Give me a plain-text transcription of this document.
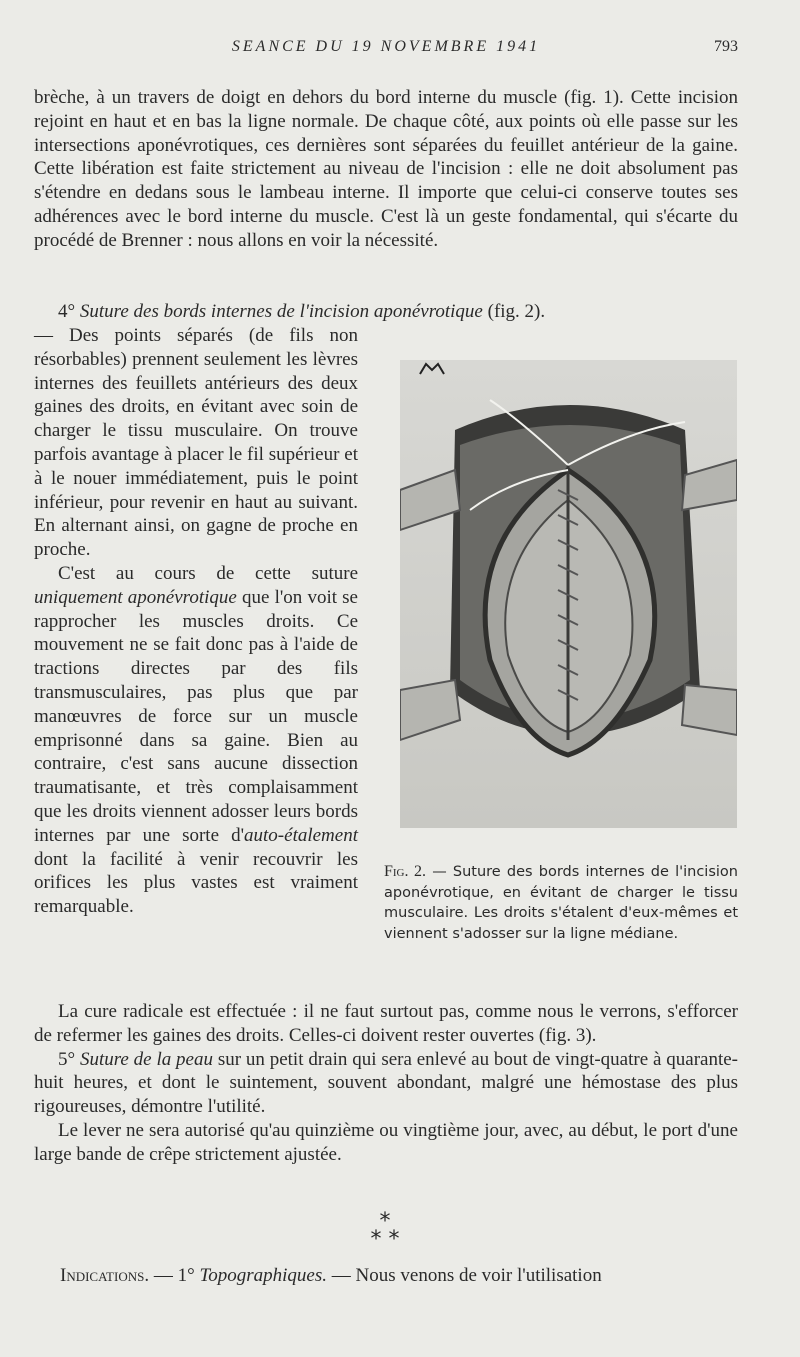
SEANCE DU 19 NOVEMBRE 1941	793

brèche, à un travers de doigt en dehors du bord interne du muscle (fig. 1). Cette incision rejoint en haut et en bas la ligne normale. De chaque côté, aux points où elle passe sur les intersections aponévrotiques, ces dernières sont séparées du feuillet antérieur de la gaine. Cette libération est faite strictement au niveau de l'incision : elle ne doit absolument pas s'étendre en dedans sous le lambeau interne. Il importe que celui-ci conserve toutes ses adhérences avec le bord interne du muscle. C'est là un geste fondamental, qui s'écarte du procédé de Brenner : nous allons en voir la nécessité.

4° Suture des bords internes de l'incision aponévrotique (fig. 2).

— Des points séparés (de fils non résorbables) prennent seulement les lèvres internes des feuillets antérieurs des deux gaines des droits, en évitant avec soin de charger le tissu musculaire. On trouve parfois avantage à placer le fil supérieur et à le nouer immédiatement, puis le point inférieur, pour revenir en haut au suivant. En alternant ainsi, on gagne de proche en proche.

C'est au cours de cette suture uniquement aponévrotique que l'on voit se rapprocher les muscles droits. Ce mouvement ne se fait donc pas à l'aide de tractions directes par des fils transmusculaires, pas plus que par manœuvres de force sur un muscle emprisonné dans sa gaine. Bien au contraire, c'est sans aucune dissection traumatisante, et très complaisamment que les droits viennent adosser leurs bords internes par une sorte d'auto-étalement dont la facilité à venir recouvrir les orifices les plus vastes est vraiment remarquable.

Fig. 2. — Suture des bords internes de l'incision aponévrotique, en évitant de charger le tissu musculaire. Les droits s'étalent d'eux-mêmes et viennent s'adosser sur la ligne médiane.

La cure radicale est effectuée : il ne faut surtout pas, comme nous le verrons, s'efforcer de refermer les gaines des droits. Celles-ci doivent rester ouvertes (fig. 3).

5° Suture de la peau sur un petit drain qui sera enlevé au bout de vingt-quatre à quarante-huit heures, et dont le suintement, souvent abondant, malgré une hémostase des plus rigoureuses, démontre l'utilité.

Le lever ne sera autorisé qu'au quinzième ou vingtième jour, avec, au début, le port d'une large bande de crêpe strictement ajustée.

*
* *
Indications. — 1° Topographiques. — Nous venons de voir l'utilisation
